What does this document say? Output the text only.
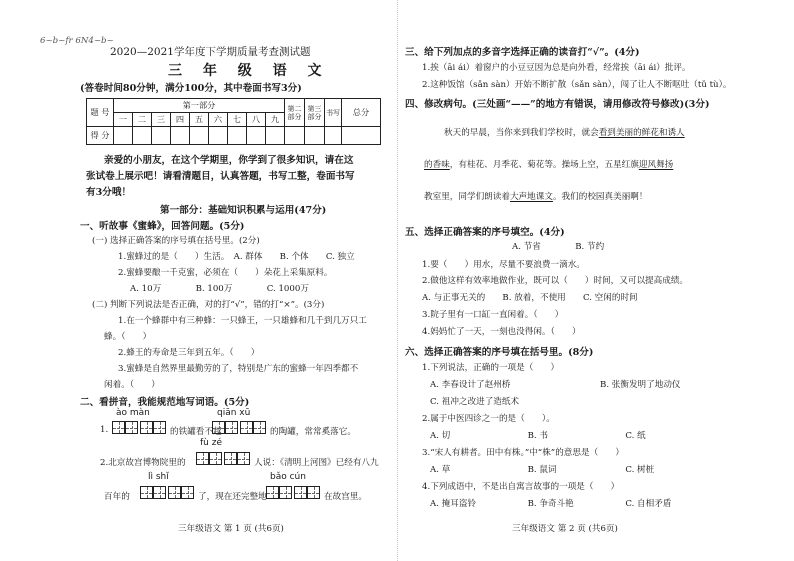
6~b~fr 6N4~b~
2020—2021学年度下学期质量考查测试题
三 年 级 语 文
(答卷时间80分钟，满分100分，其中卷面书写3分)
题 号	第一部分									第二部分	第三部分	书写	总分
	一	二	三	四	五	六	七	八	九				
得 分													
亲爱的小朋友，在这个学期里，你学到了很多知识，请在这
张试卷上展示吧！请看清题目，认真答题，书写工整，卷面书写
有3分哦！
第一部分：基础知识积累与运用(47分)
一、听故事《蜜蜂》，回答问题。(5分)
(一) 选择正确答案的序号填在括号里。(2分)
1.蜜蜂过的是（　　）生活。　A. 群体　　B. 个体　　C. 独立
2.蜜蜂要酿一千克蜜，必须在（　　）朵花上采集原料。
A. 10万　　　　B. 100万　　　　C. 1000万
(二) 判断下列说法是否正确，对的打“√”，错的打“×”。(3分)
1.在一个蜂群中有三种蜂：一只蜂王，一只雄蜂和几千到几万只工
蜂。（　　）
2.蜂王的寿命是三年到五年。（　　）
3.蜜蜂是自然界里最勤劳的了，特别是广东的蜜蜂一年四季都不
闲着。（　　）
二、看拼音，我能规范地写词语。(5分)
ào màn	qiān xū
1.	的铁罐看不起	的陶罐，常常奚落它。
fù zé
2.北京故宫博物院里的	人说：《清明上河图》已经有八九
lì shǐ	bǎo cún
百年的	了，现在还完整地	在故宫里。
三年级语文 第 1 页 (共6页)
三、给下列加点的多音字选择正确的读音打“√”。(4分)
1.挨（āi ái）着窗户的小豆豆因为总是向外看，经常挨（āi ái）批评。
2.这种饭馆（sǎn sàn）开始不断扩散（sǎn sàn），闯了让人不断呕吐（tǔ tù）。
四、修改病句。(三处画“——”的地方有错误，请用修改符号修改)(3分)
秋天的早晨，当你来到我们学校时，就会看到美丽的鲜花和诱人
的香味，有桂花、月季花、菊花等。操场上空，五星红旗迎风舞扬
教室里，同学们朗读着大声地课文。我们的校园真美丽啊！
五、选择正确答案的序号填空。(4分)
A. 节省　　　　B. 节约
1.要（　　）用水，尽量不要浪费一滴水。
2.做他这样有效率地做作业，既可以（　　）时间，又可以提高成绩。
A. 与正事无关的　　B. 放着，不使用　　C. 空闲的时间
3.院子里有一口缸一直闲着。（　　）
4.妈妈忙了一天，一刻也没得闲。（　　）
六、选择正确答案的序号填在括号里。(8分)
1.下列说法，正确的一项是（　　）
A. 李春设计了赵州桥	B. 张衡发明了地动仪
C. 祖冲之改进了造纸术
2.属于中医四诊之一的是（　　）。
A. 切　　　　　　　　　B. 书　　　　　　　　　C. 纸
3.“宋人有耕者。田中有株。”中“株”的意思是（　　）
A. 草　　　　　　　　　B. 鼠词　　　　　　　　C. 树桩
4.下列成语中，不是出自寓言故事的一项是（　　）
A. 掩耳盗铃　　　　　　B. 争奇斗艳　　　　　　C. 自相矛盾
三年级语文 第 2 页 (共6页)
